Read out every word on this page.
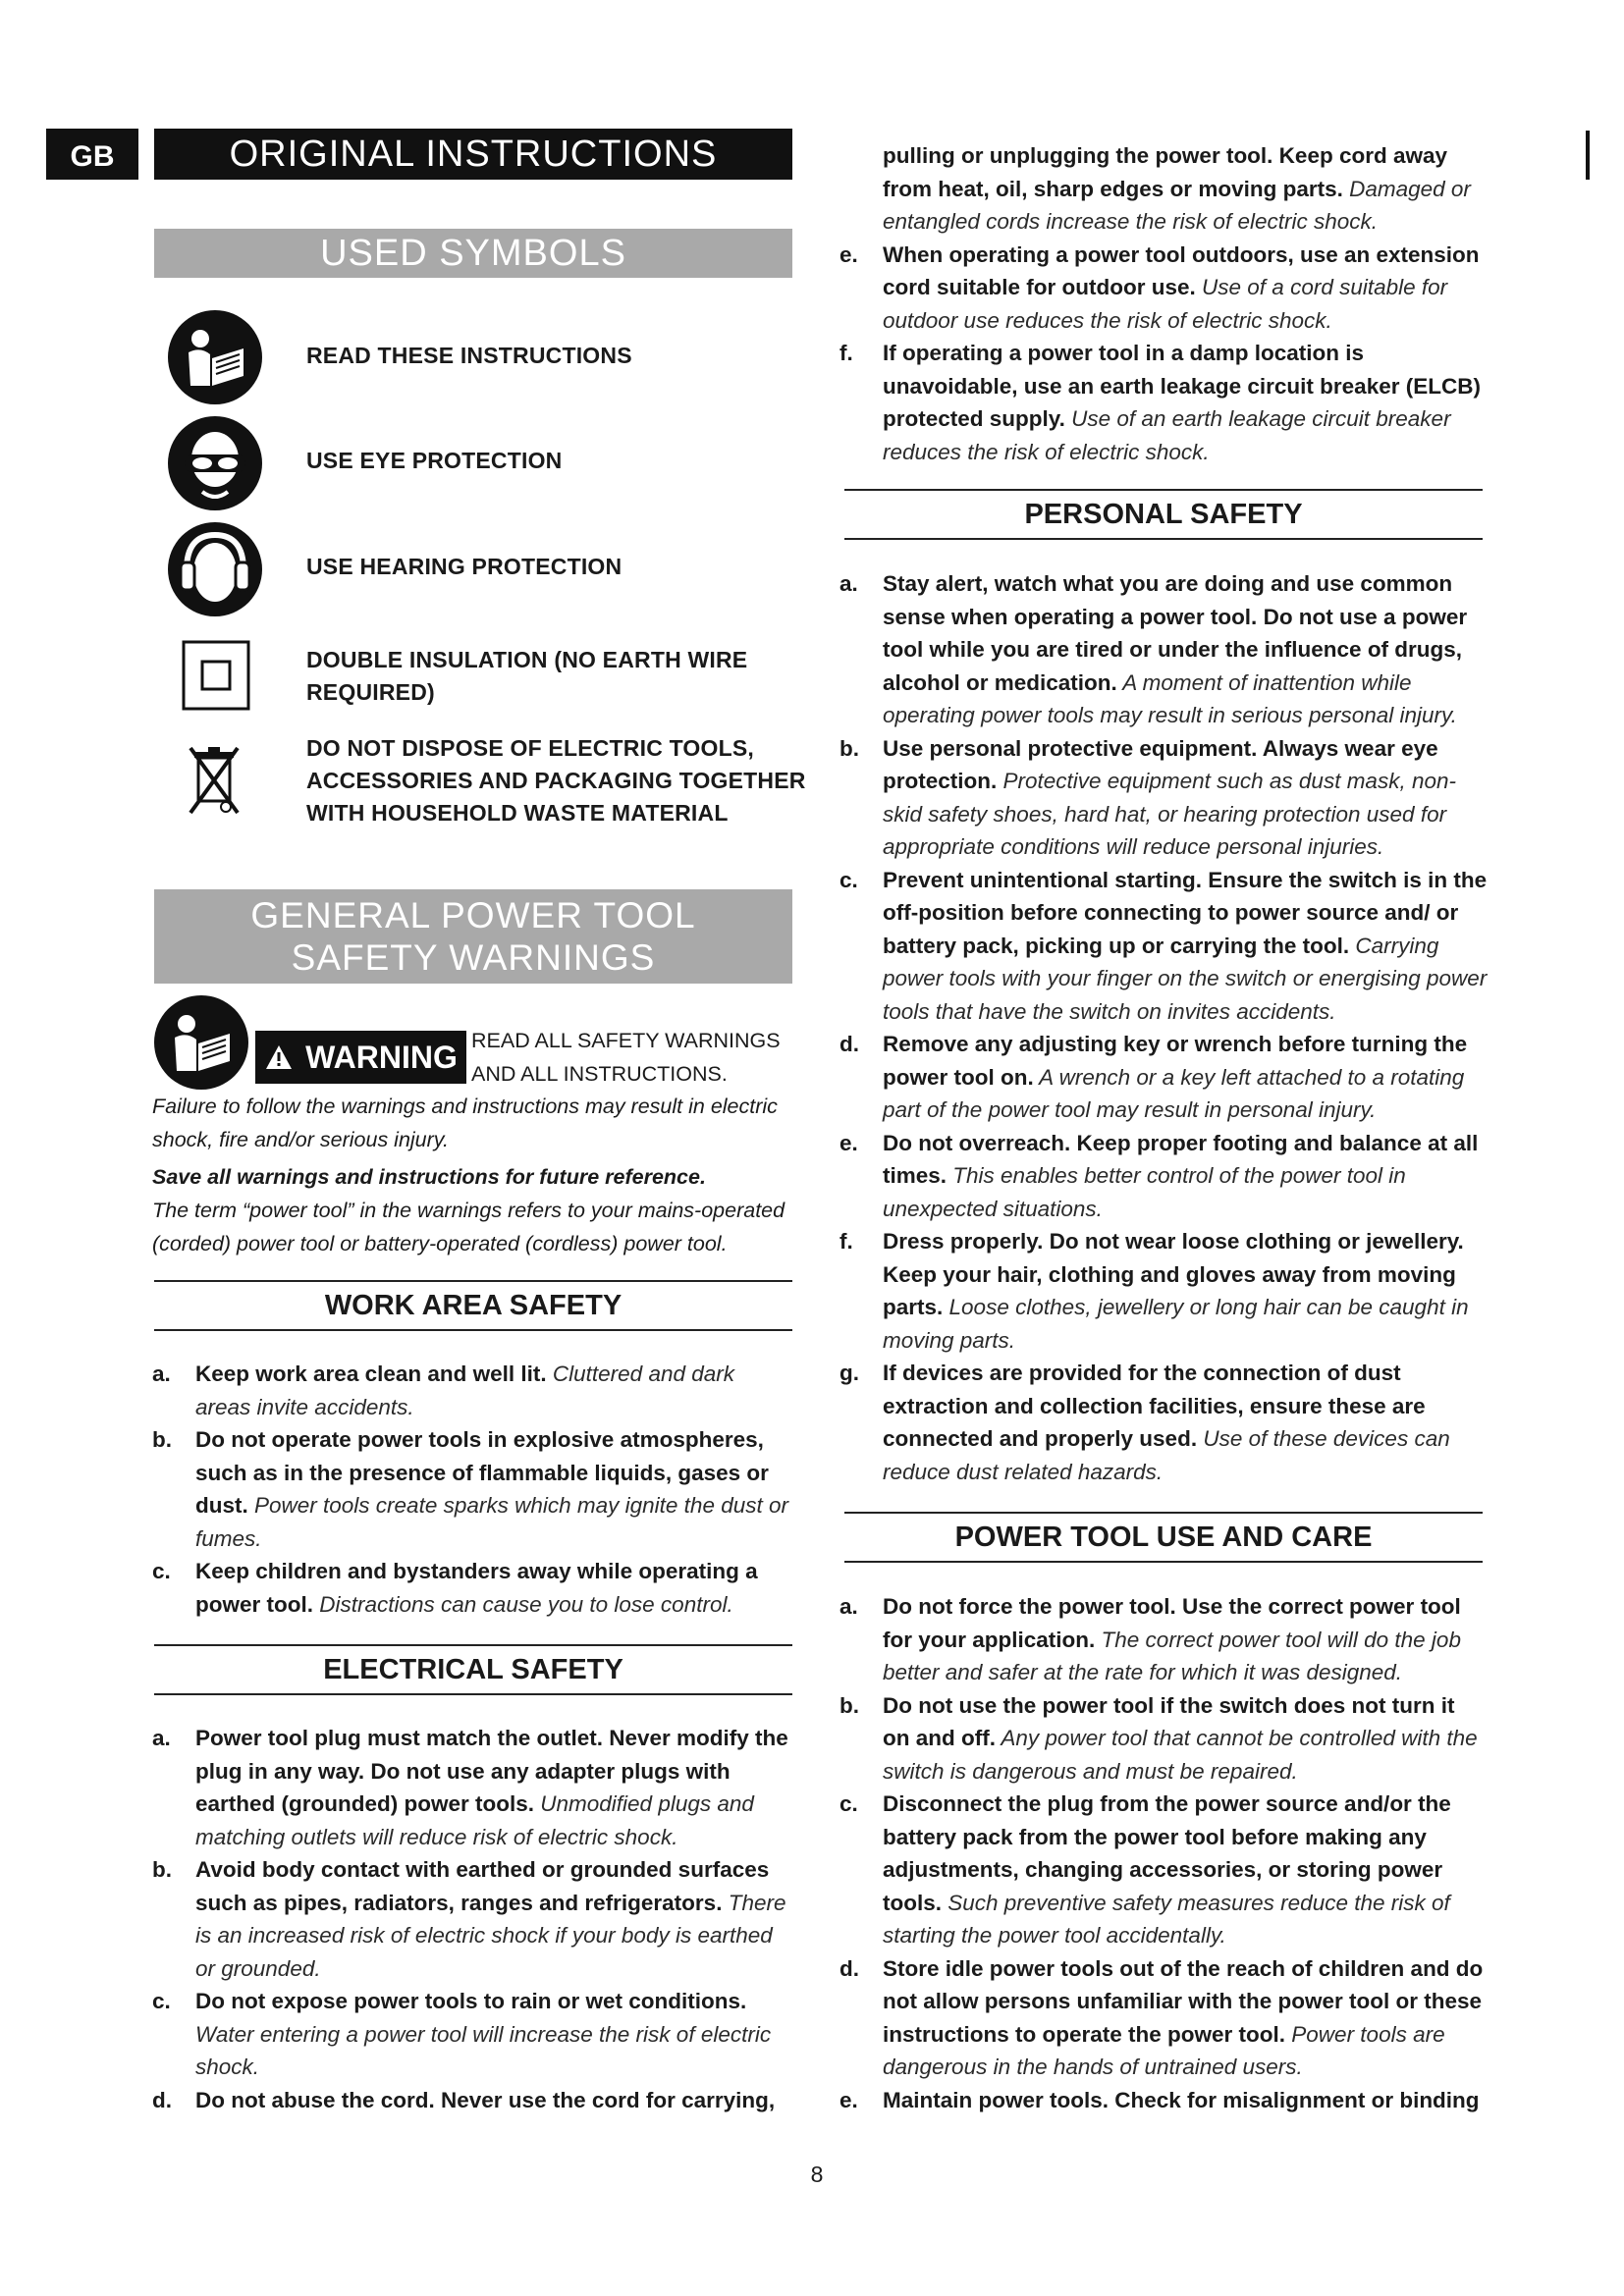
GB	ORIGINAL INSTRUCTIONS
USED SYMBOLS
READ THESE INSTRUCTIONS
USE EYE PROTECTION
USE HEARING PROTECTION
DOUBLE INSULATION (NO EARTH WIRE REQUIRED)
DO NOT DISPOSE OF ELECTRIC TOOLS, ACCESSORIES AND PACKAGING TOGETHER WITH HOUSEHOLD WASTE MATERIAL
GENERAL POWER TOOL
SAFETY WARNINGS
WARNING READ ALL SAFETY WARNINGS AND ALL INSTRUCTIONS. Failure to follow the warnings and instructions may result in electric shock, fire and/or serious injury.
Save all warnings and instructions for future reference.
The term “power tool” in the warnings refers to your mains-operated (corded) power tool or battery-operated (cordless) power tool.
WORK AREA SAFETY
a. Keep work area clean and well lit. Cluttered and dark areas invite accidents.
b. Do not operate power tools in explosive atmospheres, such as in the presence of flammable liquids, gases or dust. Power tools create sparks which may ignite the dust or fumes.
c. Keep children and bystanders away while operating a power tool. Distractions can cause you to lose control.
ELECTRICAL SAFETY
a. Power tool plug must match the outlet. Never modify the plug in any way. Do not use any adapter plugs with earthed (grounded) power tools. Unmodified plugs and matching outlets will reduce risk of electric shock.
b. Avoid body contact with earthed or grounded surfaces such as pipes, radiators, ranges and refrigerators. There is an increased risk of electric shock if your body is earthed or grounded.
c. Do not expose power tools to rain or wet conditions. Water entering a power tool will increase the risk of electric shock.
d. Do not abuse the cord. Never use the cord for carrying,
pulling or unplugging the power tool. Keep cord away from heat, oil, sharp edges or moving parts. Damaged or entangled cords increase the risk of electric shock.
e. When operating a power tool outdoors, use an extension cord suitable for outdoor use. Use of a cord suitable for outdoor use reduces the risk of electric shock.
f. If operating a power tool in a damp location is unavoidable, use an earth leakage circuit breaker (ELCB) protected supply. Use of an earth leakage circuit breaker reduces the risk of electric shock.
PERSONAL SAFETY
a. Stay alert, watch what you are doing and use common sense when operating a power tool. Do not use a power tool while you are tired or under the influence of drugs, alcohol or medication. A moment of inattention while operating power tools may result in serious personal injury.
b. Use personal protective equipment. Always wear eye protection. Protective equipment such as dust mask, non-skid safety shoes, hard hat, or hearing protection used for appropriate conditions will reduce personal injuries.
c. Prevent unintentional starting. Ensure the switch is in the off-position before connecting to power source and/ or battery pack, picking up or carrying the tool. Carrying power tools with your finger on the switch or energising power tools that have the switch on invites accidents.
d. Remove any adjusting key or wrench before turning the power tool on. A wrench or a key left attached to a rotating part of the power tool may result in personal injury.
e. Do not overreach. Keep proper footing and balance at all times. This enables better control of the power tool in unexpected situations.
f. Dress properly. Do not wear loose clothing or jewellery. Keep your hair, clothing and gloves away from moving parts. Loose clothes, jewellery or long hair can be caught in moving parts.
g. If devices are provided for the connection of dust extraction and collection facilities, ensure these are connected and properly used. Use of these devices can reduce dust related hazards.
POWER TOOL USE AND CARE
a. Do not force the power tool. Use the correct power tool for your application. The correct power tool will do the job better and safer at the rate for which it was designed.
b. Do not use the power tool if the switch does not turn it on and off. Any power tool that cannot be controlled with the switch is dangerous and must be repaired.
c. Disconnect the plug from the power source and/or the battery pack from the power tool before making any adjustments, changing accessories, or storing power tools. Such preventive safety measures reduce the risk of starting the power tool accidentally.
d. Store idle power tools out of the reach of children and do not allow persons unfamiliar with the power tool or these instructions to operate the power tool. Power tools are dangerous in the hands of untrained users.
e. Maintain power tools. Check for misalignment or binding
8
